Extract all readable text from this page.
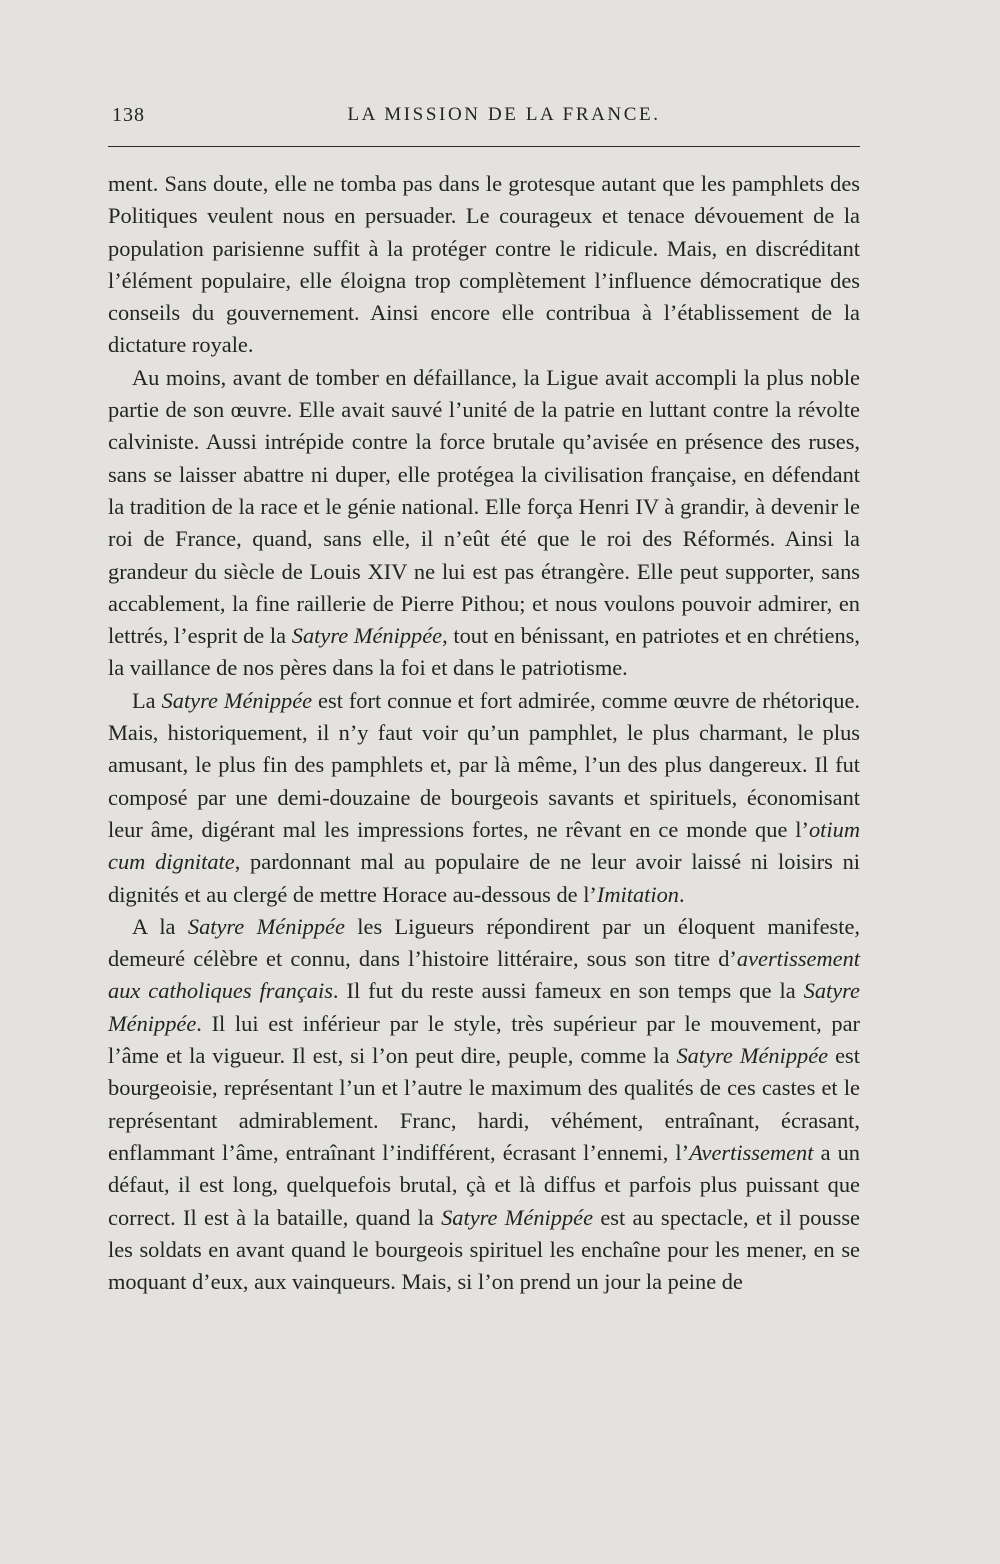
138	LA MISSION DE LA FRANCE.

ment. Sans doute, elle ne tomba pas dans le grotesque autant que les pamphlets des Politiques veulent nous en persuader. Le courageux et tenace dévouement de la population parisienne suffit à la protéger contre le ridicule. Mais, en discréditant l’élément populaire, elle éloigna trop complètement l’influence démocratique des conseils du gouvernement. Ainsi encore elle contribua à l’établissement de la dictature royale.

Au moins, avant de tomber en défaillance, la Ligue avait accompli la plus noble partie de son œuvre. Elle avait sauvé l’unité de la patrie en luttant contre la révolte calviniste. Aussi intrépide contre la force brutale qu’avisée en présence des ruses, sans se laisser abattre ni duper, elle protégea la civilisation française, en défendant la tradition de la race et le génie national. Elle força Henri IV à grandir, à devenir le roi de France, quand, sans elle, il n’eût été que le roi des Réformés. Ainsi la grandeur du siècle de Louis XIV ne lui est pas étrangère. Elle peut supporter, sans accablement, la fine raillerie de Pierre Pithou; et nous voulons pouvoir admirer, en lettrés, l’esprit de la Satyre Ménippée, tout en bénissant, en patriotes et en chrétiens, la vaillance de nos pères dans la foi et dans le patriotisme.

La Satyre Ménippée est fort connue et fort admirée, comme œuvre de rhétorique. Mais, historiquement, il n’y faut voir qu’un pamphlet, le plus charmant, le plus amusant, le plus fin des pamphlets et, par là même, l’un des plus dangereux. Il fut composé par une demi-douzaine de bourgeois savants et spirituels, économisant leur âme, digérant mal les impressions fortes, ne rêvant en ce monde que l’otium cum dignitate, pardonnant mal au populaire de ne leur avoir laissé ni loisirs ni dignités et au clergé de mettre Horace au-dessous de l’Imitation.

A la Satyre Ménippée les Ligueurs répondirent par un éloquent manifeste, demeuré célèbre et connu, dans l’histoire littéraire, sous son titre d’avertissement aux catholiques français. Il fut du reste aussi fameux en son temps que la Satyre Ménippée. Il lui est inférieur par le style, très supérieur par le mouvement, par l’âme et la vigueur. Il est, si l’on peut dire, peuple, comme la Satyre Ménippée est bourgeoisie, représentant l’un et l’autre le maximum des qualités de ces castes et le représentant admirablement. Franc, hardi, véhément, entraînant, écrasant, enflammant l’âme, entraînant l’indifférent, écrasant l’ennemi, l’Avertissement a un défaut, il est long, quelquefois brutal, çà et là diffus et parfois plus puissant que correct. Il est à la bataille, quand la Satyre Ménippée est au spectacle, et il pousse les soldats en avant quand le bourgeois spirituel les enchaîne pour les mener, en se moquant d’eux, aux vainqueurs. Mais, si l’on prend un jour la peine de
